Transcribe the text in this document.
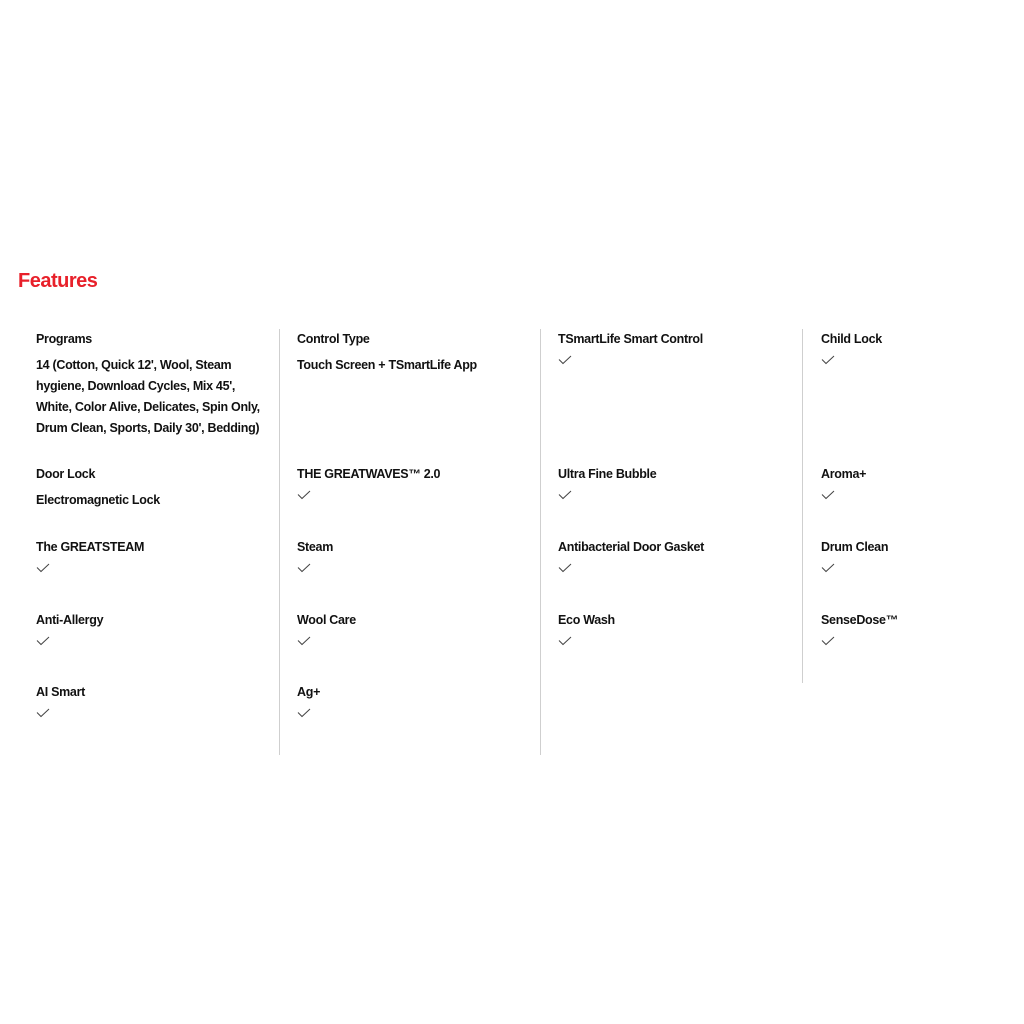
Features
Programs
14 (Cotton, Quick 12', Wool, Steam hygiene, Download Cycles, Mix 45', White, Color Alive, Delicates, Spin Only, Drum Clean, Sports, Daily 30', Bedding)
Door Lock
Electromagnetic Lock
The GREATSTEAM
Anti-Allergy
AI Smart
Control Type
Touch Screen + TSmartLife App
THE GREATWAVES™ 2.0
Steam
Wool Care
Ag+
TSmartLife Smart Control
Ultra Fine Bubble
Antibacterial Door Gasket
Eco Wash
Child Lock
Aroma+
Drum Clean
SenseDose™
